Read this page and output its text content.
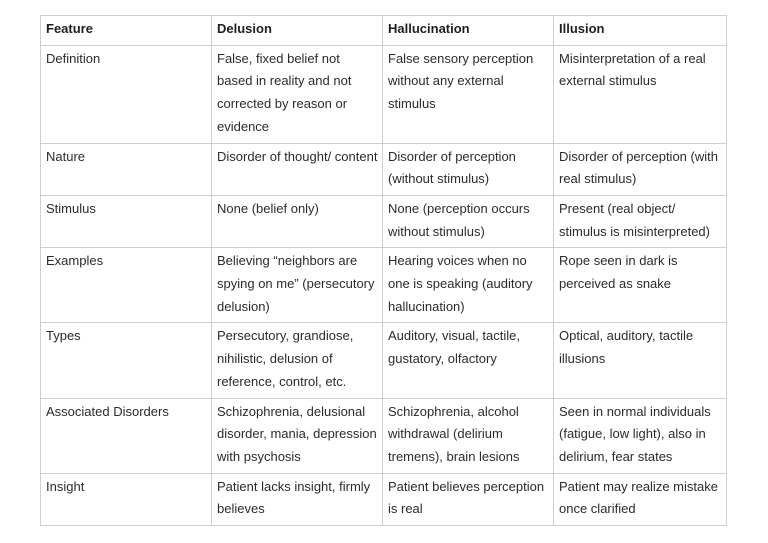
Feature	Delusion	Hallucination	Illusion
Definition	False, fixed belief not based in reality and not corrected by reason or evidence	False sensory perception without any external stimulus	Misinterpretation of a real external stimulus
Nature	Disorder of thought/ content	Disorder of perception (without stimulus)	Disorder of perception (with real stimulus)
Stimulus	None (belief only)	None (perception occurs without stimulus)	Present (real object/ stimulus is misinterpreted)
Examples	Believing “neighbors are spying on me” (persecutory delusion)	Hearing voices when no one is speaking (auditory hallucination)	Rope seen in dark is perceived as snake
Types	Persecutory, grandiose, nihilistic, delusion of reference, control, etc.	Auditory, visual, tactile, gustatory, olfactory	Optical, auditory, tactile illusions
Associated Disorders	Schizophrenia, delusional disorder, mania, depression with psychosis	Schizophrenia, alcohol withdrawal (delirium tremens), brain lesions	Seen in normal individuals (fatigue, low light), also in delirium, fear states
Insight	Patient lacks insight, firmly believes	Patient believes perception is real	Patient may realize mistake once clarified
